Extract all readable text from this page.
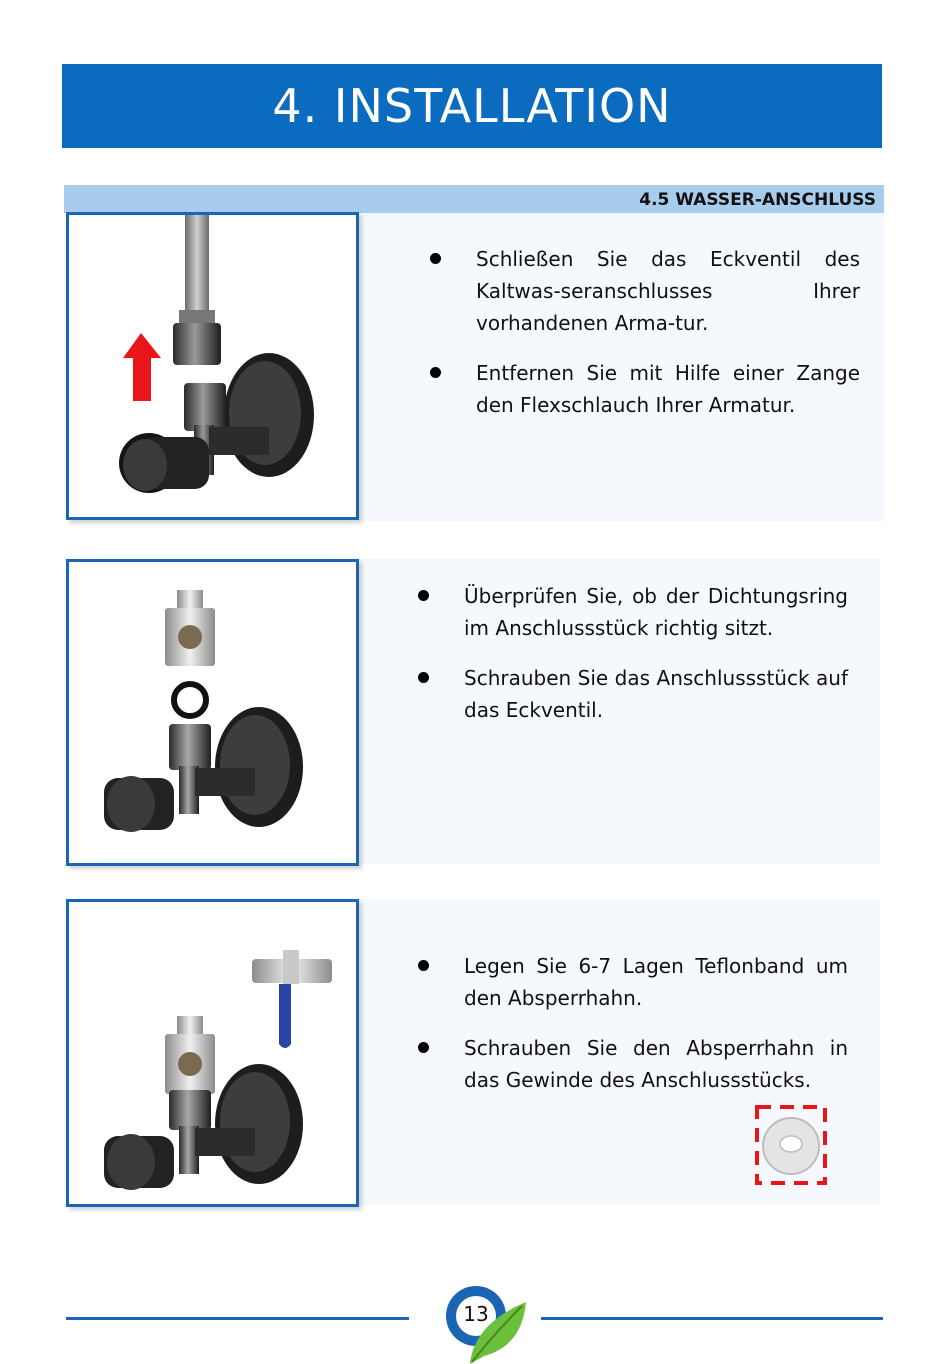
4. INSTALLATION
4.5 WASSER-ANSCHLUSS
Schließen Sie das Eckventil des Kaltwas-seranschlusses Ihrer vorhandenen Arma-tur.
Entfernen Sie mit Hilfe einer Zange den Flexschlauch Ihrer Armatur.
Überprüfen Sie, ob der Dichtungsring im Anschlussstück richtig sitzt.
Schrauben Sie das Anschlussstück auf das Eckventil.
Legen Sie 6-7 Lagen Teflonband um den Absperrhahn.
Schrauben Sie den Absperrhahn in das Gewinde des Anschlussstücks.
13
